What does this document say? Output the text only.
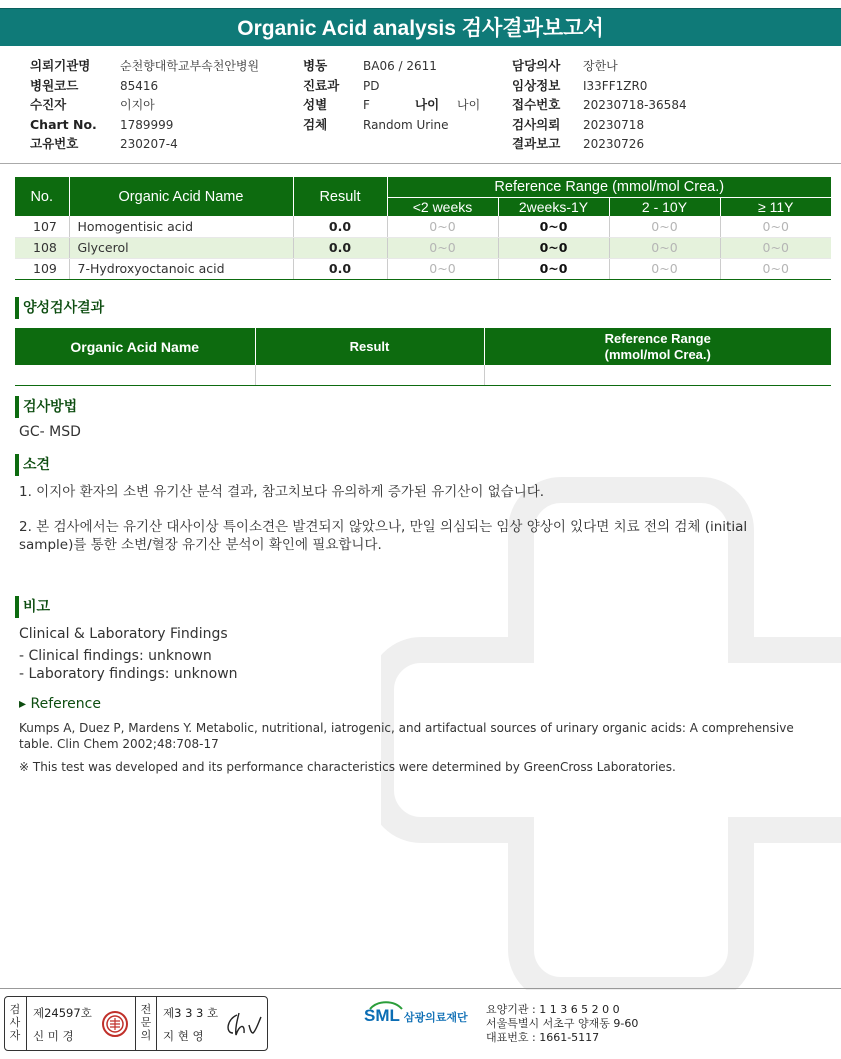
Organic Acid analysis 검사결과보고서
의뢰기관명 순천향대학교부속천안병원
병원코드	85416
수진자	이지아
Chart No. 1789999
고유번호	230207-4
병동	BA06 / 2611
진료과 PD
성별	F	나이 나이
검체	Random Urine
담당의사 장한나
임상정보 I33FF1ZR0
접수번호 20230718-36584
검사의뢰 20230718
결과보고 20230726
No.	Organic Acid Name	Result	Reference Range (mmol/mol Crea.)			
			<2 weeks	2weeks-1Y	2 - 10Y	≥ 11Y
107	Homogentisic acid	0.0	0~0	0~0	0~0	0~0
108	Glycerol	0.0	0~0	0~0	0~0	0~0
109	7-Hydroxyoctanoic acid	0.0	0~0	0~0	0~0	0~0
양성검사결과
Organic Acid Name	Result	Reference Range
(mmol/mol Crea.)

검사방법
GC- MSD
소견
1. 이지아 환자의 소변 유기산 분석 결과, 참고치보다 유의하게 증가된 유기산이 없습니다.
2. 본 검사에서는 유기산 대사이상 특이소견은 발견되지 않았으나, 만일 의심되는 임상 양상이 있다면 치료 전의 검체 (initial sample)를 통한 소변/혈장 유기산 분석이 확인에 필요합니다.
비고
Clinical & Laboratory Findings
- Clinical findings: unknown
- Laboratory findings: unknown
▸ Reference
Kumps A, Duez P, Mardens Y. Metabolic, nutritional, iatrogenic, and artifactual sources of urinary organic acids: A comprehensive table. Clin Chem 2002;48:708-17
※ This test was developed and its performance characteristics were determined by GreenCross Laboratories.
검사자
제24597호
신 미 경
전문의
제3 3 3 호
지 현 영
SML 삼광의료재단
요양기관 : 1 1 3 6 5 2 0 0
서울특별시 서초구 양재동 9-60
대표번호 : 1661-5117
